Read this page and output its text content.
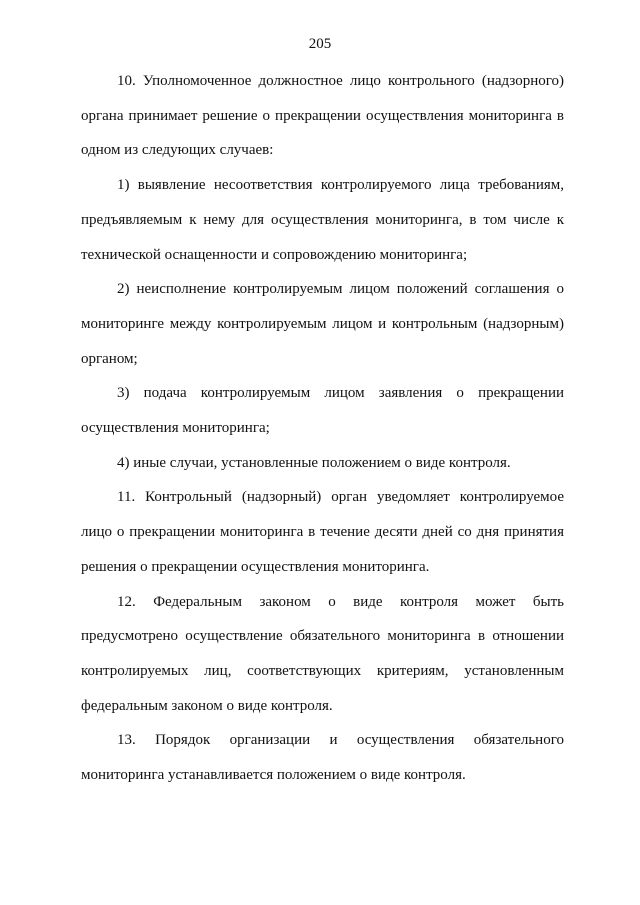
205

10. Уполномоченное должностное лицо контрольного (надзорного) органа принимает решение о прекращении осуществления мониторинга в одном из следующих случаев:

1) выявление несоответствия контролируемого лица требованиям, предъявляемым к нему для осуществления мониторинга, в том числе к технической оснащенности и сопровождению мониторинга;

2) неисполнение контролируемым лицом положений соглашения о мониторинге между контролируемым лицом и контрольным (надзорным) органом;

3) подача контролируемым лицом заявления о прекращении осуществления мониторинга;

4) иные случаи, установленные положением о виде контроля.

11. Контрольный (надзорный) орган уведомляет контролируемое лицо о прекращении мониторинга в течение десяти дней со дня принятия решения о прекращении осуществления мониторинга.

12. Федеральным законом о виде контроля может быть предусмотрено осуществление обязательного мониторинга в отношении контролируемых лиц, соответствующих критериям, установленным федеральным законом о виде контроля.

13. Порядок организации и осуществления обязательного мониторинга устанавливается положением о виде контроля.
